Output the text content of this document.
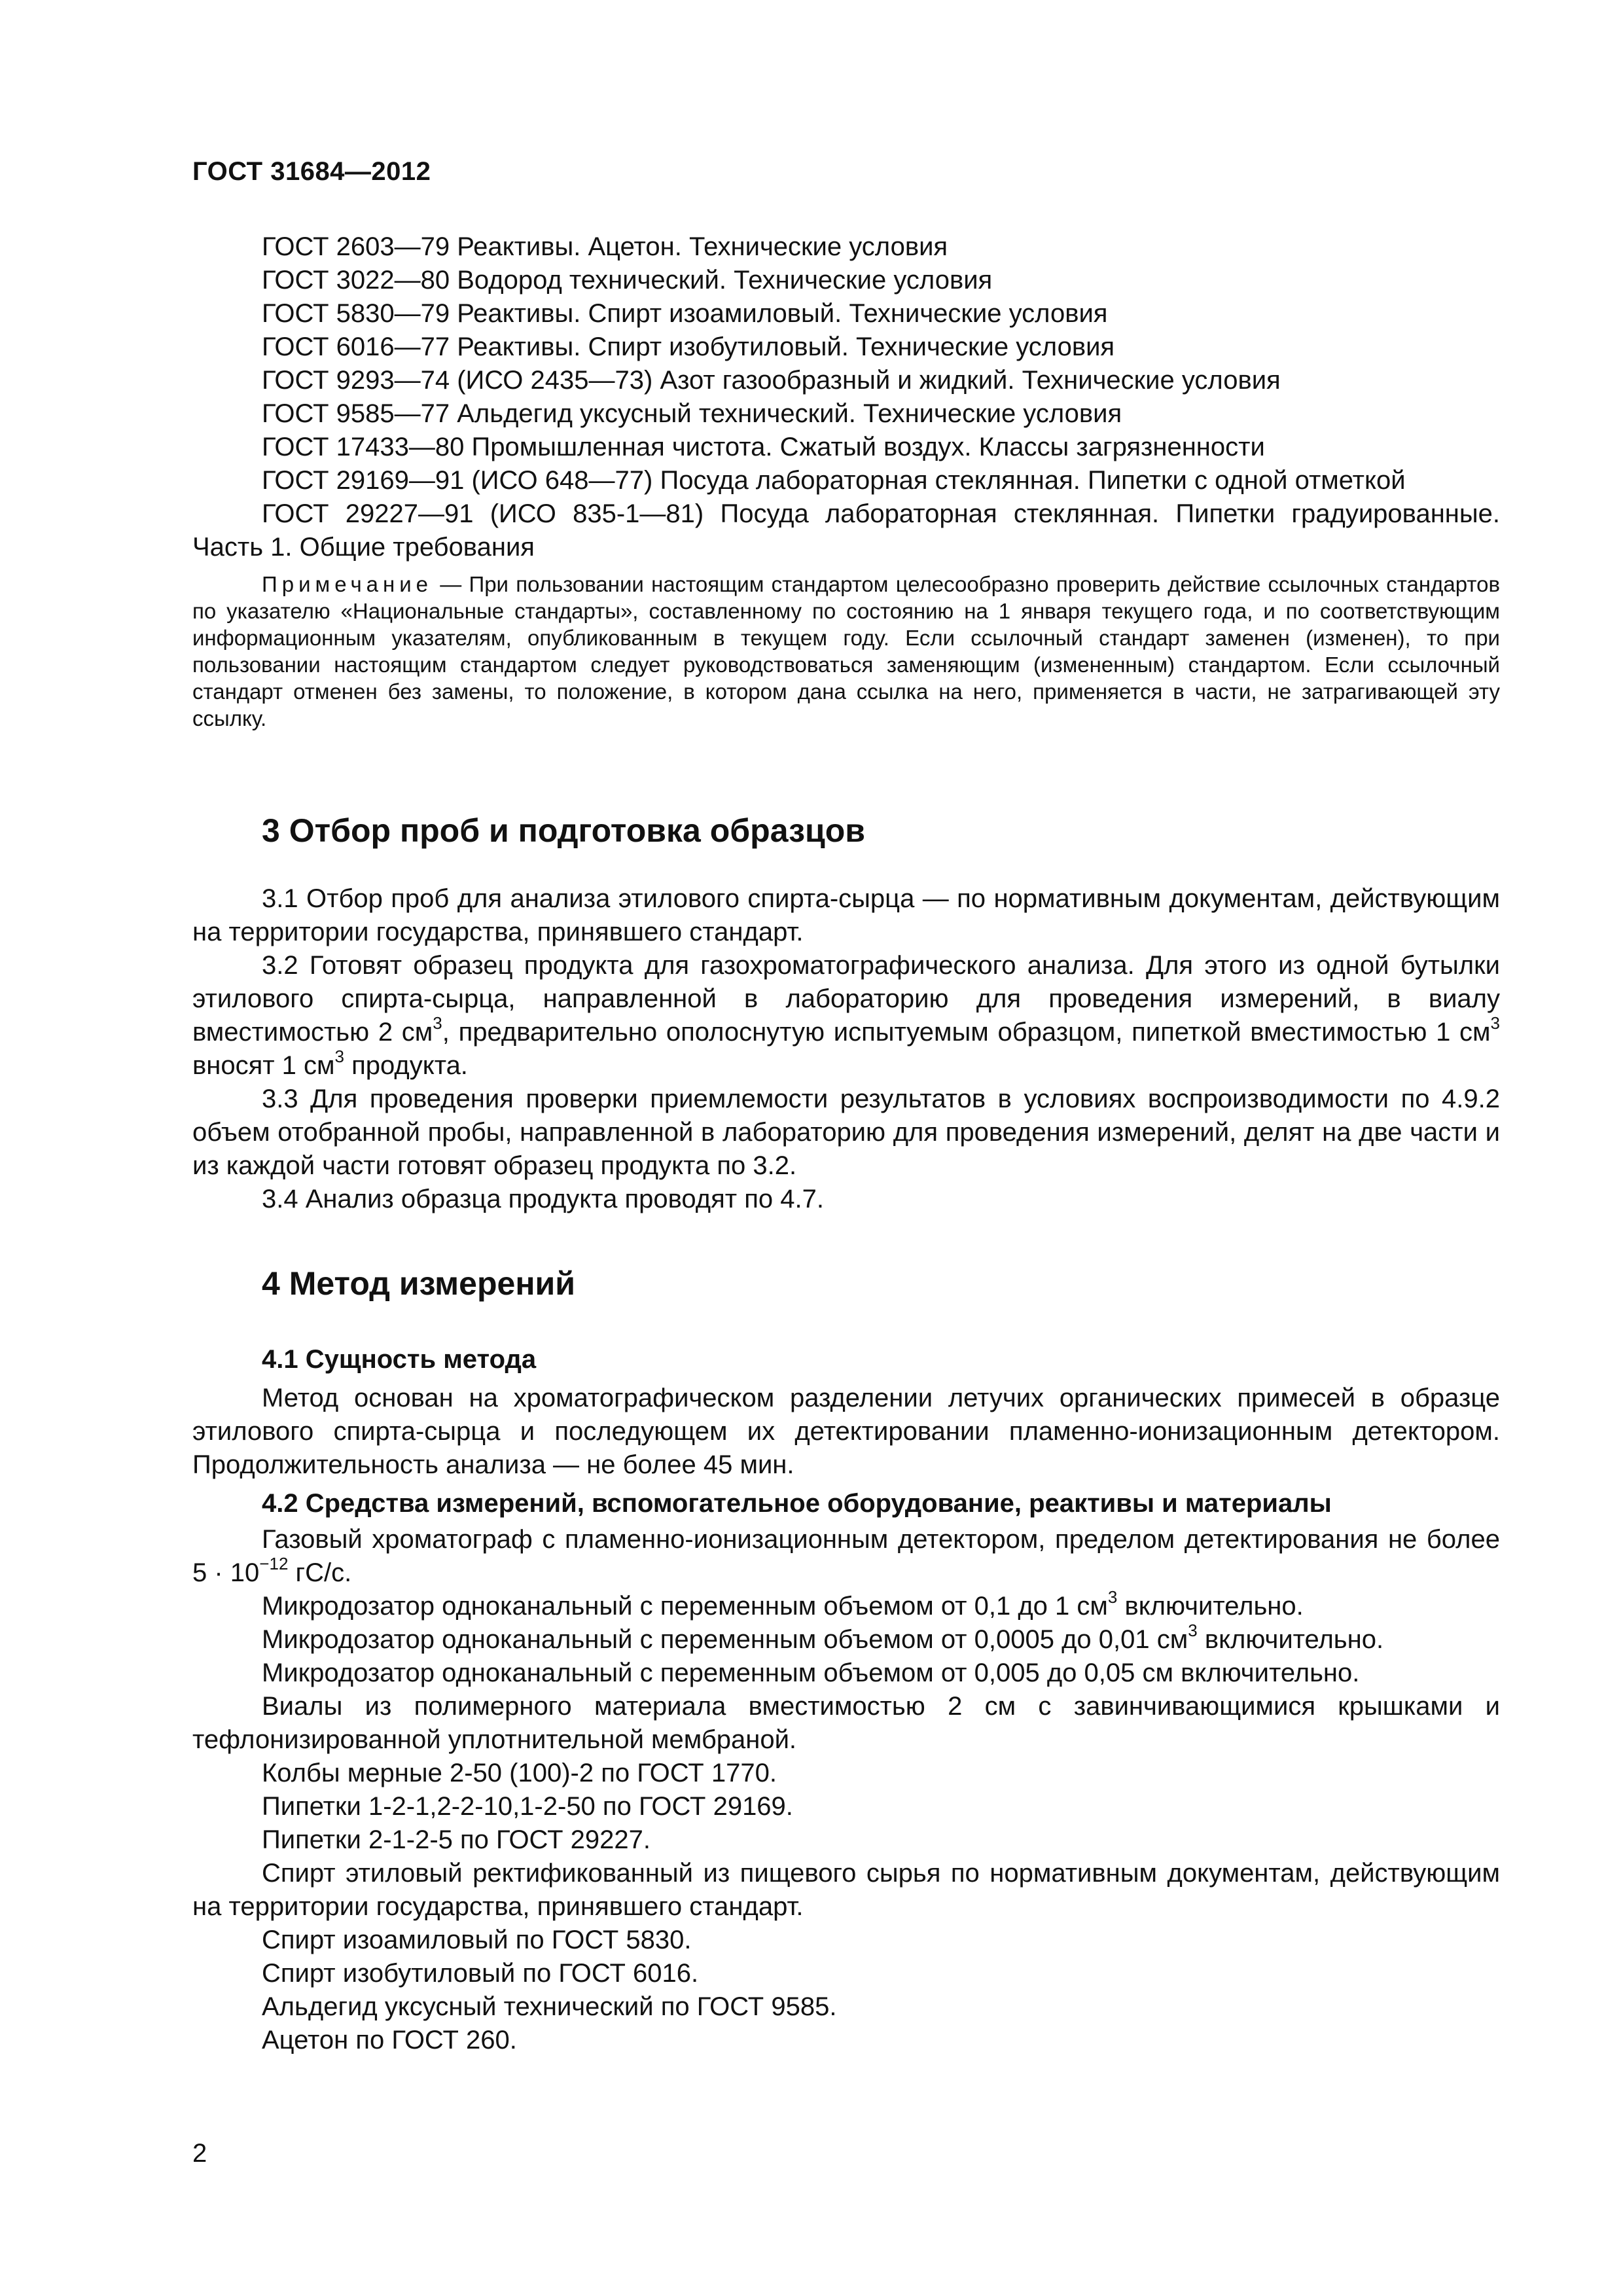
ГОСТ 31684—2012

ГОСТ 2603—79 Реактивы. Ацетон. Технические условия

ГОСТ 3022—80 Водород технический. Технические условия

ГОСТ 5830—79 Реактивы. Спирт изоамиловый. Технические условия

ГОСТ 6016—77 Реактивы. Спирт изобутиловый. Технические условия

ГОСТ 9293—74 (ИСО 2435—73) Азот газообразный и жидкий. Технические условия

ГОСТ 9585—77 Альдегид уксусный технический. Технические условия

ГОСТ 17433—80 Промышленная чистота. Сжатый воздух. Классы загрязненности

ГОСТ 29169—91 (ИСО 648—77) Посуда лабораторная стеклянная. Пипетки с одной отметкой

ГОСТ 29227—91 (ИСО 835-1—81) Посуда лабораторная стеклянная. Пипетки градуированные. Часть 1. Общие требования

Примечание — При пользовании настоящим стандартом целесообразно проверить действие ссылочных стандартов по указателю «Национальные стандарты», составленному по состоянию на 1 января текущего года, и по соответствующим информационным указателям, опубликованным в текущем году. Если ссылочный стандарт заменен (изменен), то при пользовании настоящим стандартом следует руководствоваться заменяющим (измененным) стандартом. Если ссылочный стандарт отменен без замены, то положение, в котором дана ссылка на него, применяется в части, не затрагивающей эту ссылку.

3 Отбор проб и подготовка образцов

3.1 Отбор проб для анализа этилового спирта-сырца — по нормативным документам, действующим на территории государства, принявшего стандарт.

3.2 Готовят образец продукта для газохроматографического анализа. Для этого из одной бутылки этилового спирта-сырца, направленной в лабораторию для проведения измерений, в виалу вместимостью 2 $см^3$, предварительно ополоснутую испытуемым образцом, пипеткой вместимостью 1 $см^3$ вносят 1 $см^3$ продукта.

3.3 Для проведения проверки приемлемости результатов в условиях воспроизводимости по 4.9.2 объем отобранной пробы, направленной в лабораторию для проведения измерений, делят на две части и из каждой части готовят образец продукта по 3.2.

3.4 Анализ образца продукта проводят по 4.7.

4 Метод измерений

4.1 Сущность метода

Метод основан на хроматографическом разделении летучих органических примесей в образце этилового спирта-сырца и последующем их детектировании пламенно-ионизационным детектором. Продолжительность анализа — не более 45 мин.

4.2 Средства измерений, вспомогательное оборудование, реактивы и материалы

Газовый хроматограф с пламенно-ионизационным детектором, пределом детектирования не более $5 \cdot 10^{-12}$ гС/с.

Микродозатор одноканальный с переменным объемом от 0,1 до 1 $см^3$ включительно.

Микродозатор одноканальный с переменным объемом от 0,0005 до 0,01 $см^3$ включительно.

Микродозатор одноканальный с переменным объемом от 0,005 до 0,05 см включительно.

Виалы из полимерного материала вместимостью 2 см с завинчивающимися крышками и тефлонизированной уплотнительной мембраной.

Колбы мерные 2-50 (100)-2 по ГОСТ 1770.

Пипетки 1-2-1,2-2-10,1-2-50 по ГОСТ 29169.

Пипетки 2-1-2-5 по ГОСТ 29227.

Спирт этиловый ректификованный из пищевого сырья по нормативным документам, действующим на территории государства, принявшего стандарт.

Спирт изоамиловый по ГОСТ 5830.

Спирт изобутиловый по ГОСТ 6016.

Альдегид уксусный технический по ГОСТ 9585.

Ацетон по ГОСТ 260.

2
